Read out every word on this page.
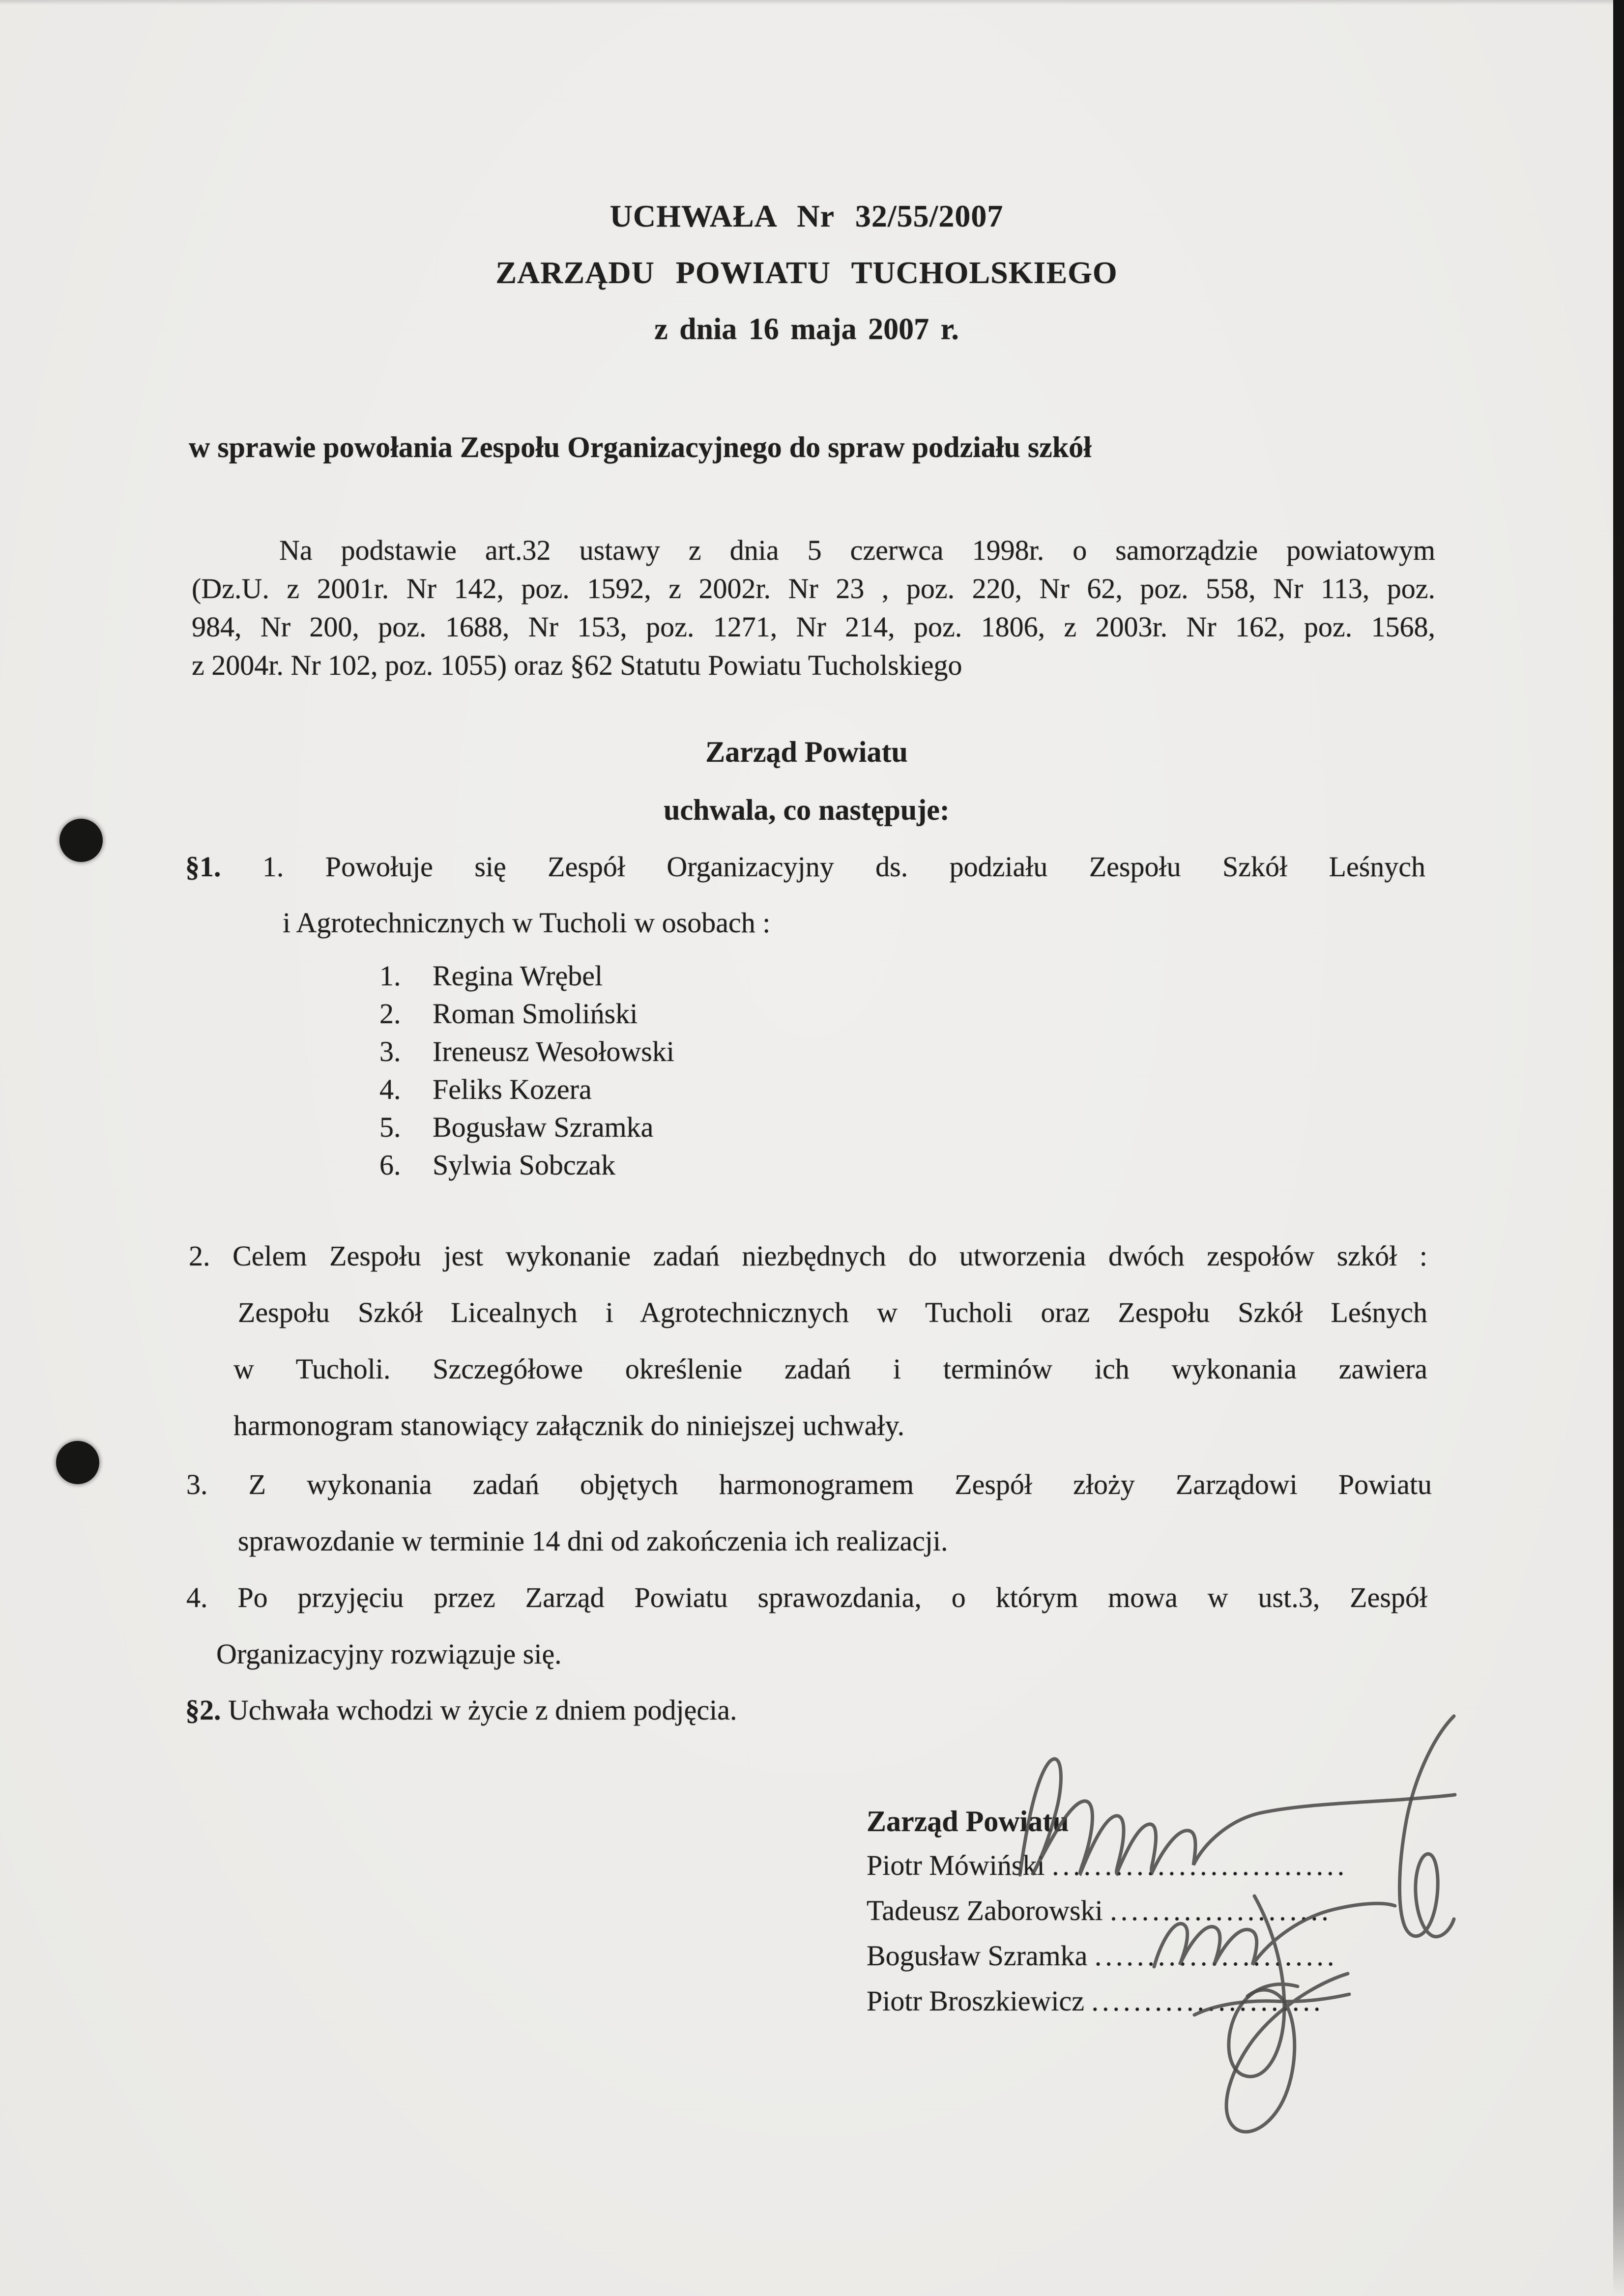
UCHWAŁA Nr 32/55/2007
ZARZĄDU POWIATU TUCHOLSKIEGO
z dnia 16 maja 2007 r.
w sprawie powołania Zespołu Organizacyjnego do spraw podziału szkół
Na podstawie art.32 ustawy z dnia 5 czerwca 1998r. o samorządzie powiatowym
(Dz.U. z 2001r. Nr 142, poz. 1592, z 2002r. Nr 23 , poz. 220, Nr 62, poz. 558, Nr 113, poz.
984, Nr 200, poz. 1688, Nr 153, poz. 1271, Nr 214, poz. 1806, z 2003r. Nr 162, poz. 1568,
z 2004r. Nr 102, poz. 1055) oraz §62 Statutu Powiatu Tucholskiego
Zarząd Powiatu
uchwala, co następuje:
§1. 1. Powołuje się Zespół Organizacyjny ds. podziału Zespołu Szkół Leśnych
i Agrotechnicznych w Tucholi w osobach :
1. Regina Wrębel
2. Roman Smoliński
3. Ireneusz Wesołowski
4. Feliks Kozera
5. Bogusław Szramka
6. Sylwia Sobczak
2. Celem Zespołu jest wykonanie zadań niezbędnych do utworzenia dwóch zespołów szkół :
Zespołu Szkół Licealnych i Agrotechnicznych w Tucholi oraz Zespołu Szkół Leśnych
w Tucholi. Szczegółowe określenie zadań i terminów ich wykonania zawiera
harmonogram stanowiący załącznik do niniejszej uchwały.
3. Z wykonania zadań objętych harmonogramem Zespół złoży Zarządowi Powiatu
sprawozdanie w terminie 14 dni od zakończenia ich realizacji.
4. Po przyjęciu przez Zarząd Powiatu sprawozdania, o którym mowa w ust.3, Zespół
Organizacyjny rozwiązuje się.
§2. Uchwała wchodzi w życie z dniem podjęcia.
Zarząd Powiatu
Piotr Mówiński ............................
Tadeusz Zaborowski .....................
Bogusław Szramka .......................
Piotr Broszkiewicz ......................
